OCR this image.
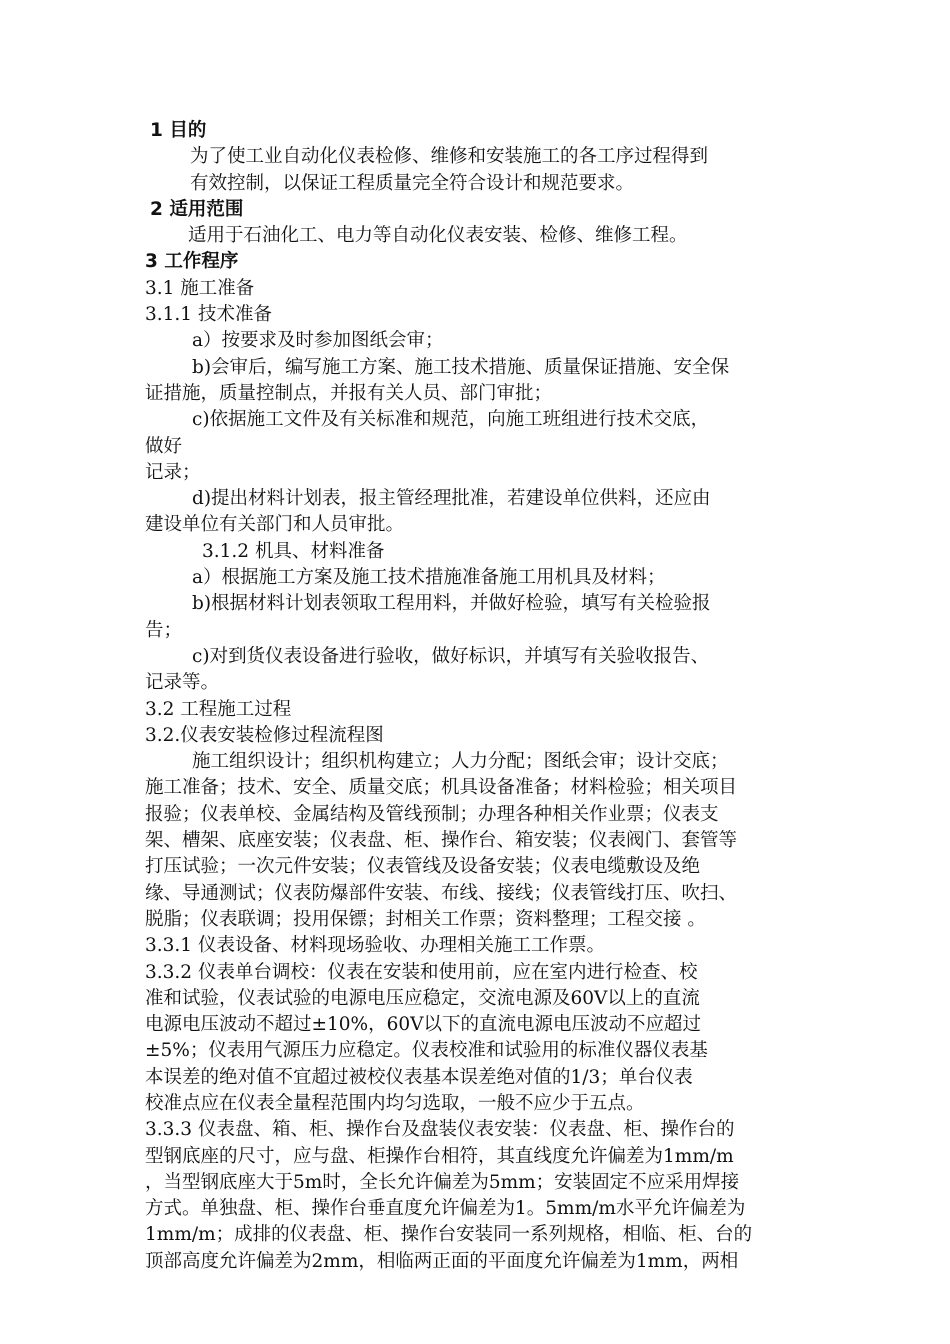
1 目的
为了使工业自动化仪表检修、维修和安装施工的各工序过程得到
有效控制，以保证工程质量完全符合设计和规范要求。
2 适用范围
适用于石油化工、电力等自动化仪表安装、检修、维修工程。
3 工作程序
3.1 施工准备
3.1.1 技术准备
a）按要求及时参加图纸会审；
b)会审后，编写施工方案、施工技术措施、质量保证措施、安全保
证措施，质量控制点，并报有关人员、部门审批；
c)依据施工文件及有关标准和规范，向施工班组进行技术交底，
做好
记录；
d)提出材料计划表，报主管经理批准，若建设单位供料，还应由
建设单位有关部门和人员审批。
3.1.2 机具、材料准备
a）根据施工方案及施工技术措施准备施工用机具及材料；
b)根据材料计划表领取工程用料，并做好检验，填写有关检验报
告；
c)对到货仪表设备进行验收，做好标识，并填写有关验收报告、
记录等。
3.2 工程施工过程
3.2.仪表安装检修过程流程图
施工组织设计；组织机构建立；人力分配；图纸会审；设计交底；
施工准备；技术、安全、质量交底；机具设备准备；材料检验；相关项目
报验；仪表单校、金属结构及管线预制；办理各种相关作业票；仪表支
架、槽架、底座安装；仪表盘、柜、操作台、箱安装；仪表阀门、套管等
打压试验；一次元件安装；仪表管线及设备安装；仪表电缆敷设及绝
缘、导通测试；仪表防爆部件安装、布线、接线；仪表管线打压、吹扫、
脱脂；仪表联调；投用保镖；封相关工作票；资料整理；工程交接 。
3.3.1 仪表设备、材料现场验收、办理相关施工工作票。
3.3.2 仪表单台调校：仪表在安装和使用前，应在室内进行检查、校
准和试验，仪表试验的电源电压应稳定，交流电源及60V以上的直流
电源电压波动不超过±10%，60V以下的直流电源电压波动不应超过
±5%；仪表用气源压力应稳定。仪表校准和试验用的标准仪器仪表基
本误差的绝对值不宜超过被校仪表基本误差绝对值的1/3；单台仪表
校准点应在仪表全量程范围内均匀选取，一般不应少于五点。
3.3.3 仪表盘、箱、柜、操作台及盘装仪表安装：仪表盘、柜、操作台的
型钢底座的尺寸，应与盘、柜操作台相符，其直线度允许偏差为1mm/m
，当型钢底座大于5m时，全长允许偏差为5mm；安装固定不应采用焊接
方式。单独盘、柜、操作台垂直度允许偏差为1。5mm/m水平允许偏差为
1mm/m；成排的仪表盘、柜、操作台安装同一系列规格，相临、柜、台的
顶部高度允许偏差为2mm，相临两正面的平面度允许偏差为1mm，两相
